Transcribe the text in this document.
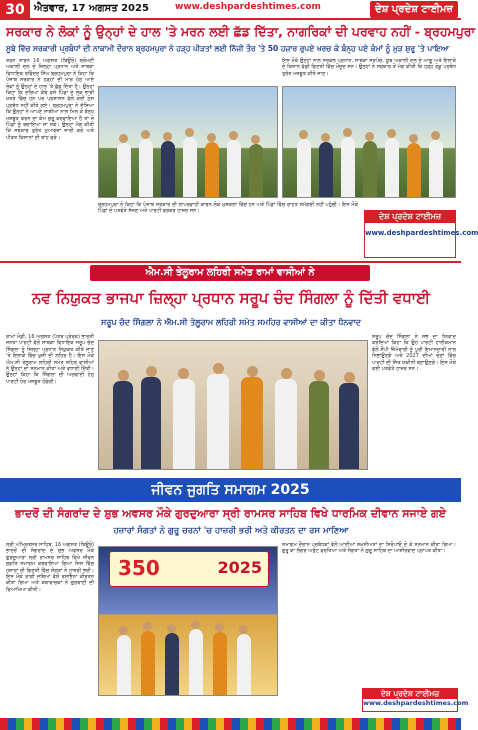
30 ਐਤਵਾਰ, 17 ਅਗਸਤ 2025	www.deshpardeshtimes.com	ਦੇਸ਼ ਪ੍ਰਦੇਸ਼ ਟਾਈਮਜ਼
ਸਰਕਾਰ ਨੇ ਲੋਕਾਂ ਨੂੰ ਉਨ੍ਹਾਂ ਦੇ ਹਾਲ 'ਤੇ ਮਰਨ ਲਈ ਛੱਡ ਦਿੱਤਾ, ਨਾਗਰਿਕਾਂ ਦੀ ਪਰਵਾਹ ਨਹੀਂ - ਬ੍ਰਹਮਪੁਰਾ
ਸੂਬੇ ਵਿੱਚ ਸਰਕਾਰੀ ਪ੍ਰਬੰਧਾਂ ਦੀ ਨਾਕਾਮੀ ਦੌਰਾਨ ਬ੍ਰਹਮਪੁਰਾ ਨੇ ਹੜ੍ਹ ਪੀੜਤਾਂ ਲਈ ਨਿੱਜੀ ਤੌਰ 'ਤੇ 50 ਹਜ਼ਾਰ ਰੁਪਏ ਖਰਚ ਕੇ ਬੰਨ੍ਹ ਪਏ ਕੰਮਾਂ ਨੂੰ ਮੁੜ ਸ਼ੁਰੂ 'ਤੇ ਪਾਇਆ
ਤਰਨ ਤਾਰਨ 16 ਅਗਸਤ (ਬਿਊਰੋ) ਸ਼੍ਰੋਮਣੀ ਅਕਾਲੀ ਦਲ ਦੇ ਜ਼ਿਲ੍ਹਾ ਪ੍ਰਧਾਨ ਅਤੇ ਸਾਬਕਾ ਵਿਧਾਇਕ ਰਵਿੰਦਰ ਸਿੰਘ ਬ੍ਰਹਮਪੁਰਾ ਨੇ ਕਿਹਾ ਕਿ ਪੰਜਾਬ ਸਰਕਾਰ ਨੇ ਹੜ੍ਹਾਂ ਦੀ ਮਾਰ ਹੇਠ ਆਏ ਲੋਕਾਂ ਨੂੰ ਉਨ੍ਹਾਂ ਦੇ ਹਾਲ 'ਤੇ ਛੱਡ ਦਿੱਤਾ ਹੈ। ਉਨ੍ਹਾਂ ਕਿਹਾ ਕਿ ਦਰਿਆ ਕੰਢੇ ਵਸੇ ਪਿੰਡਾਂ ਦੇ ਲੋਕ ਭਾਰੀ ਖ਼ਤਰੇ ਵਿੱਚ ਹਨ ਪਰ ਪ੍ਰਸ਼ਾਸਨ ਵੱਲੋਂ ਕੋਈ ਠੋਸ ਪ੍ਰਬੰਧ ਨਹੀਂ ਕੀਤੇ ਗਏ। ਬ੍ਰਹਮਪੁਰਾ ਨੇ ਦੱਸਿਆ ਕਿ ਉਨ੍ਹਾਂ ਨੇ ਆਪਣੇ ਸਾਥੀਆਂ ਨਾਲ ਮਿਲ ਕੇ ਬੰਨ੍ਹ ਮਜ਼ਬੂਤ ਕਰਨ ਦਾ ਕੰਮ ਸ਼ੁਰੂ ਕਰਵਾਇਆ ਹੈ ਤਾਂ ਜੋ ਪਿੰਡਾਂ ਨੂੰ ਬਚਾਇਆ ਜਾ ਸਕੇ। ਉਨ੍ਹਾਂ ਮੰਗ ਕੀਤੀ ਕਿ ਸਰਕਾਰ ਤੁਰੰਤ ਮੁਆਵਜ਼ਾ ਜਾਰੀ ਕਰੇ ਅਤੇ ਪੀੜਤ ਕਿਸਾਨਾਂ ਦੀ ਬਾਂਹ ਫੜੇ।
ਬ੍ਰਹਮਪੁਰਾ ਨੇ ਕਿਹਾ ਕਿ ਪੰਜਾਬ ਸਰਕਾਰ ਦੀ ਲਾਪਰਵਾਹੀ ਕਾਰਨ ਲੋਕ ਮੁਸ਼ਕਲਾਂ ਵਿੱਚ ਹਨ ਅਤੇ ਪਿੰਡਾਂ ਵਿੱਚ ਰਾਹਤ ਸਮੱਗਰੀ ਨਹੀਂ ਪਹੁੰਚੀ। ਇਸ ਮੌਕੇ ਪਿੰਡਾਂ ਦੇ ਪਤਵੰਤੇ ਸੱਜਣ ਅਤੇ ਪਾਰਟੀ ਵਰਕਰ ਹਾਜ਼ਰ ਸਨ।
ਇਸ ਮੌਕੇ ਉਨ੍ਹਾਂ ਨਾਲ ਸਰਕਲ ਪ੍ਰਧਾਨ, ਸਾਬਕਾ ਸਰਪੰਚ, ਯੂਥ ਅਕਾਲੀ ਦਲ ਦੇ ਆਗੂ ਅਤੇ ਇਲਾਕੇ ਦੇ ਕਿਸਾਨ ਵੱਡੀ ਗਿਣਤੀ ਵਿੱਚ ਮੌਜੂਦ ਸਨ। ਉਨ੍ਹਾਂ ਨੇ ਸਰਕਾਰ ਤੋਂ ਮੰਗ ਕੀਤੀ ਕਿ ਹੜ੍ਹ ਰੋਕੂ ਪ੍ਰਬੰਧ ਤੁਰੰਤ ਮਜ਼ਬੂਤ ਕੀਤੇ ਜਾਣ।
ਦੇਸ਼ ਪ੍ਰਦੇਸ਼ ਟਾਈਮਜ਼
www.deshpardeshtimes.com
ਐਮ.ਸੀ ਤੇਲੂਰਾਮ ਲਹਿਰੀ ਸਮੇਤ ਰਾਮਾਂ ਵਾਸੀਆਂ ਨੇ
ਨਵ ਨਿਯੁਕਤ ਭਾਜਪਾ ਜ਼ਿਲ੍ਹਾ ਪ੍ਰਧਾਨ ਸਰੂਪ ਚੰਦ ਸਿੰਗਲਾ ਨੂੰ ਦਿੱਤੀ ਵਧਾਈ
ਸਰੂਪ ਚੰਦ ਸਿੰਗਲਾ ਨੇ ਐਮ.ਸੀ ਤੇਲੂਰਾਮ ਲਹਿਰੀ ਸਮੇਤ ਸਮਹਿਰ ਵਾਸੀਆਂ ਦਾ ਕੀਤਾ ਧੰਨਵਾਦ
ਰਾਮਾਂ ਮੰਡੀ, 16 ਅਗਸਤ (ਪੱਤਰ ਪ੍ਰੇਰਕ) ਭਾਰਤੀ ਜਨਤਾ ਪਾਰਟੀ ਵੱਲੋਂ ਸਾਬਕਾ ਵਿਧਾਇਕ ਸਰੂਪ ਚੰਦ ਸਿੰਗਲਾ ਨੂੰ ਜ਼ਿਲ੍ਹਾ ਪ੍ਰਧਾਨ ਨਿਯੁਕਤ ਕੀਤੇ ਜਾਣ 'ਤੇ ਇਲਾਕੇ ਵਿੱਚ ਖੁਸ਼ੀ ਦੀ ਲਹਿਰ ਹੈ। ਇਸ ਮੌਕੇ ਐਮ.ਸੀ ਤੇਲੂਰਾਮ ਲਹਿਰੀ ਸਮੇਤ ਸ਼ਹਿਰ ਵਾਸੀਆਂ ਨੇ ਉਨ੍ਹਾਂ ਦਾ ਸਨਮਾਨ ਕੀਤਾ ਅਤੇ ਵਧਾਈ ਦਿੱਤੀ। ਉਨ੍ਹਾਂ ਕਿਹਾ ਕਿ ਸਿੰਗਲਾ ਦੀ ਅਗਵਾਈ ਹੇਠ ਪਾਰਟੀ ਹੋਰ ਮਜ਼ਬੂਤ ਹੋਵੇਗੀ।
ਸਰੂਪ ਚੰਦ ਸਿੰਗਲਾ ਨੇ ਸਭ ਦਾ ਧੰਨਵਾਦ ਕਰਦਿਆਂ ਕਿਹਾ ਕਿ ਉਹ ਪਾਰਟੀ ਹਾਈਕਮਾਨ ਵੱਲੋਂ ਸੌਂਪੀ ਜ਼ਿੰਮੇਵਾਰੀ ਨੂੰ ਪੂਰੀ ਇਮਾਨਦਾਰੀ ਨਾਲ ਨਿਭਾਉਣਗੇ ਅਤੇ 2027 ਦੀਆਂ ਚੋਣਾਂ ਵਿੱਚ ਪਾਰਟੀ ਦੀ ਜਿੱਤ ਯਕੀਨੀ ਬਣਾਉਣਗੇ। ਇਸ ਮੌਕੇ ਕਈ ਪਤਵੰਤੇ ਹਾਜ਼ਰ ਸਨ।
ਜੀਵਨ ਜੁਗਤਿ ਸਮਾਗਮ 2025
ਭਾਦਰੋਂ ਦੀ ਸੰਗਰਾਂਦ ਦੇ ਸ਼ੁਭ ਅਵਸਰ ਮੌਕੇ ਗੁਰਦੁਆਰਾ ਸ੍ਰੀ ਰਾਮਸਰ ਸਾਹਿਬ ਵਿਖੇ ਧਾਰਮਿਕ ਦੀਵਾਨ ਸਜਾਏ ਗਏ
ਹਜ਼ਾਰਾਂ ਸੰਗਤਾਂ ਨੇ ਗੁਰੂ ਚਰਨਾਂ 'ਚ ਹਾਜ਼ਰੀ ਭਰੀ ਅਤੇ ਕੀਰਤਨ ਦਾ ਰਸ ਮਾਣਿਆ
ਸ੍ਰੀ ਅੰਮ੍ਰਿਤਸਰ ਸਾਹਿਬ, 16 ਅਗਸਤ (ਬਿਊਰੋ) ਭਾਦਰੋਂ ਦੀ ਸੰਗਰਾਂਦ ਦੇ ਸ਼ੁਭ ਅਵਸਰ ਮੌਕੇ ਗੁਰਦੁਆਰਾ ਸ੍ਰੀ ਰਾਮਸਰ ਸਾਹਿਬ ਵਿਖੇ ਜੀਵਨ ਜੁਗਤਿ ਸਮਾਗਮ ਕਰਵਾਇਆ ਗਿਆ ਜਿਸ ਵਿੱਚ ਹਜ਼ਾਰਾਂ ਦੀ ਗਿਣਤੀ ਵਿੱਚ ਸੰਗਤਾਂ ਨੇ ਹਾਜ਼ਰੀ ਭਰੀ। ਇਸ ਮੌਕੇ ਰਾਗੀ ਜਥਿਆਂ ਵੱਲੋਂ ਰਸਭਿੰਨਾ ਕੀਰਤਨ ਕੀਤਾ ਗਿਆ ਅਤੇ ਕਥਾਵਾਚਕਾਂ ਨੇ ਗੁਰਬਾਣੀ ਦੀ ਵਿਆਖਿਆ ਕੀਤੀ।
350	2025
ਸਮਾਗਮ ਦੌਰਾਨ ਪ੍ਰਬੰਧਕਾਂ ਵੱਲੋਂ ਆਈਆਂ ਸ਼ਖ਼ਸੀਅਤਾਂ ਦਾ ਸਿਰੋਪਾਓ ਦੇ ਕੇ ਸਨਮਾਨ ਕੀਤਾ ਗਿਆ। ਗੁਰੂ ਕਾ ਲੰਗਰ ਅਤੁੱਟ ਵਰਤਿਆ ਅਤੇ ਸੰਗਤਾਂ ਨੇ ਗੁਰੂ ਸਾਹਿਬ ਦਾ ਆਸ਼ੀਰਵਾਦ ਪ੍ਰਾਪਤ ਕੀਤਾ।
ਦੇਸ਼ ਪ੍ਰਦੇਸ਼ ਟਾਈਮਜ਼
www.deshpardeshtimes.com
